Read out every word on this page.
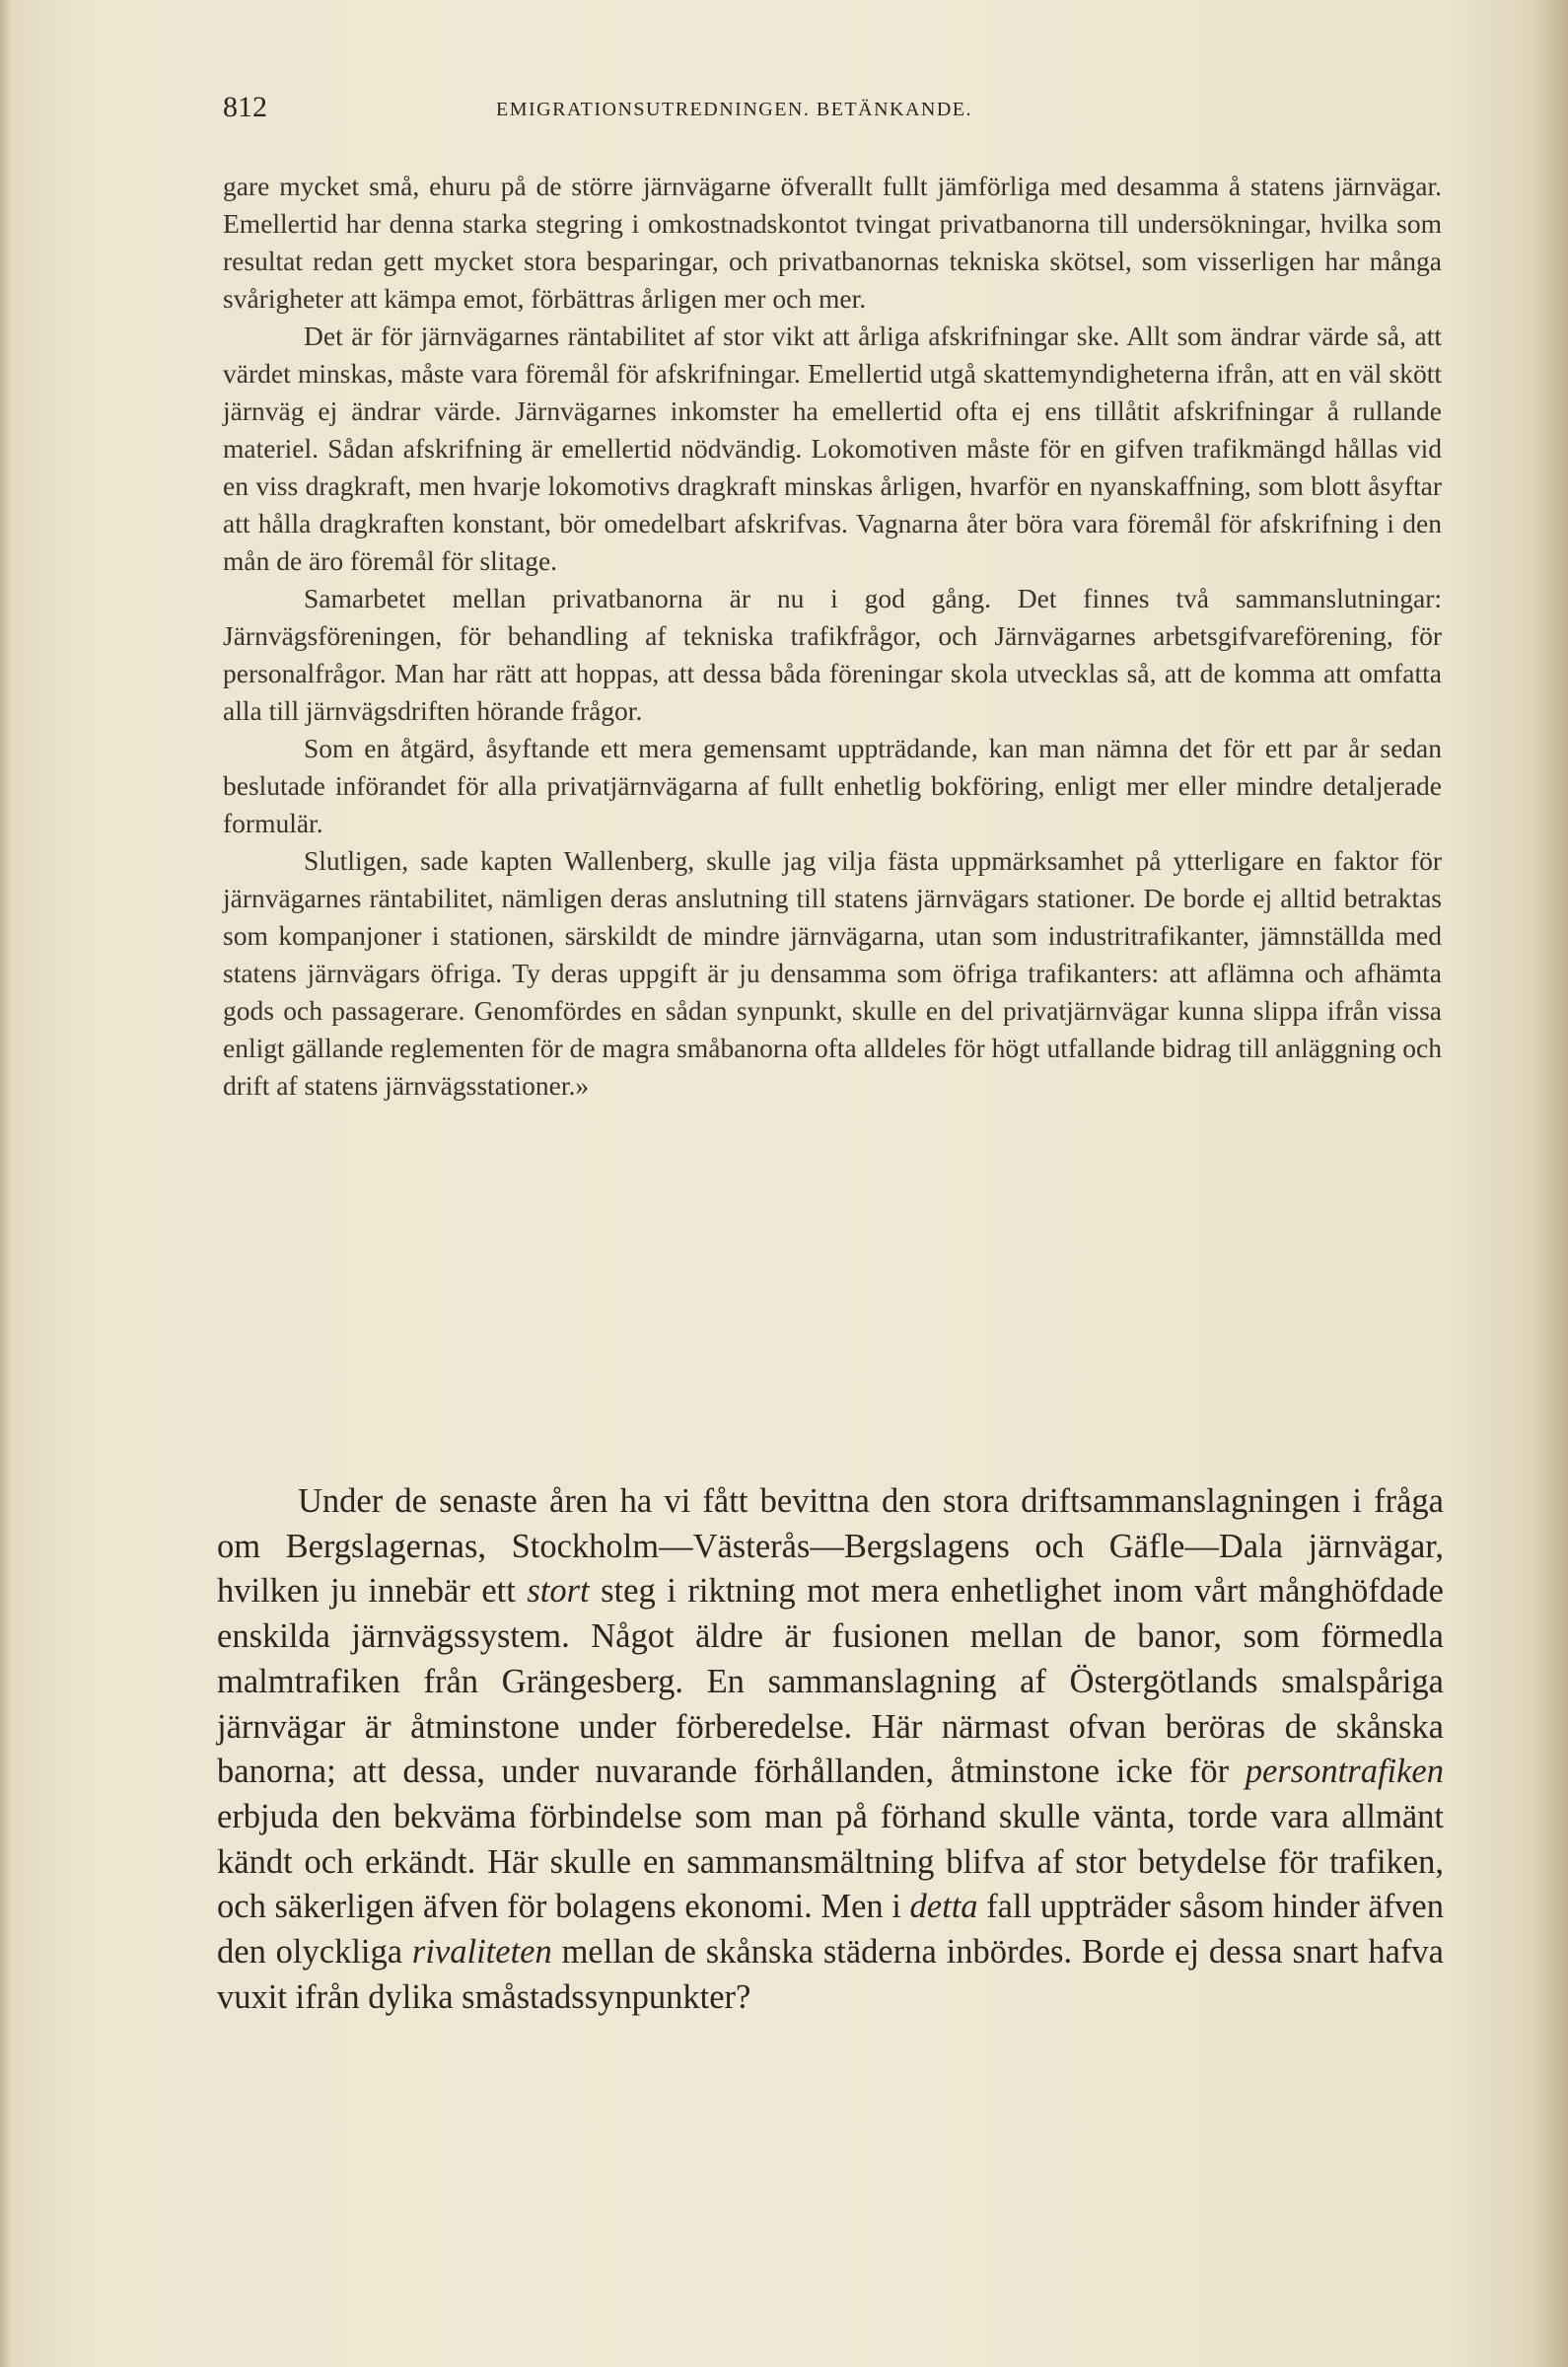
812	EMIGRATIONSUTREDNINGEN. BETÄNKANDE.

gare mycket små, ehuru på de större järnvägarne öfverallt fullt jämförliga med desamma å statens järnvägar. Emellertid har denna starka stegring i omkostnadskontot tvingat privatbanorna till undersökningar, hvilka som resultat redan gett mycket stora besparingar, och privatbanornas tekniska skötsel, som visserligen har många svårigheter att kämpa emot, förbättras årligen mer och mer.

Det är för järnvägarnes räntabilitet af stor vikt att årliga afskrifningar ske. Allt som ändrar värde så, att värdet minskas, måste vara föremål för afskrifningar. Emellertid utgå skattemyndigheterna ifrån, att en väl skött järnväg ej ändrar värde. Järnvägarnes inkomster ha emellertid ofta ej ens tillåtit afskrifningar å rullande materiel. Sådan afskrifning är emellertid nödvändig. Lokomotiven måste för en gifven trafikmängd hållas vid en viss dragkraft, men hvarje lokomotivs dragkraft minskas årligen, hvarför en nyanskaffning, som blott åsyftar att hålla dragkraften konstant, bör omedelbart afskrifvas. Vagnarna åter böra vara föremål för afskrifning i den mån de äro föremål för slitage.

Samarbetet mellan privatbanorna är nu i god gång. Det finnes två sammanslutningar: Järnvägsföreningen, för behandling af tekniska trafikfrågor, och Järnvägarnes arbetsgifvareförening, för personalfrågor. Man har rätt att hoppas, att dessa båda föreningar skola utvecklas så, att de komma att omfatta alla till järnvägsdriften hörande frågor.

Som en åtgärd, åsyftande ett mera gemensamt uppträdande, kan man nämna det för ett par år sedan beslutade införandet för alla privatjärnvägarna af fullt enhetlig bokföring, enligt mer eller mindre detaljerade formulär.

Slutligen, sade kapten Wallenberg, skulle jag vilja fästa uppmärksamhet på ytterligare en faktor för järnvägarnes räntabilitet, nämligen deras anslutning till statens järnvägars stationer. De borde ej alltid betraktas som kompanjoner i stationen, särskildt de mindre järnvägarna, utan som industritrafikanter, jämnställda med statens järnvägars öfriga. Ty deras uppgift är ju densamma som öfriga trafikanters: att aflämna och afhämta gods och passagerare. Genomfördes en sådan synpunkt, skulle en del privatjärnvägar kunna slippa ifrån vissa enligt gällande reglementen för de magra småbanorna ofta alldeles för högt utfallande bidrag till anläggning och drift af statens järnvägsstationer.»

Under de senaste åren ha vi fått bevittna den stora driftsammanslagningen i fråga om Bergslagernas, Stockholm—Västerås—Bergslagens och Gäfle—Dala järnvägar, hvilken ju innebär ett stort steg i riktning mot mera enhetlighet inom vårt månghöfdade enskilda järnvägssystem. Något äldre är fusionen mellan de banor, som förmedla malmtrafiken från Grängesberg. En sammanslagning af Östergötlands smalspåriga järnvägar är åtminstone under förberedelse. Här närmast ofvan beröras de skånska banorna; att dessa, under nuvarande förhållanden, åtminstone icke för persontrafiken erbjuda den bekväma förbindelse som man på förhand skulle vänta, torde vara allmänt kändt och erkändt. Här skulle en sammansmältning blifva af stor betydelse för trafiken, och säkerligen äfven för bolagens ekonomi. Men i detta fall uppträder såsom hinder äfven den olyckliga rivaliteten mellan de skånska städerna inbördes. Borde ej dessa snart hafva vuxit ifrån dylika småstadssynpunkter?
